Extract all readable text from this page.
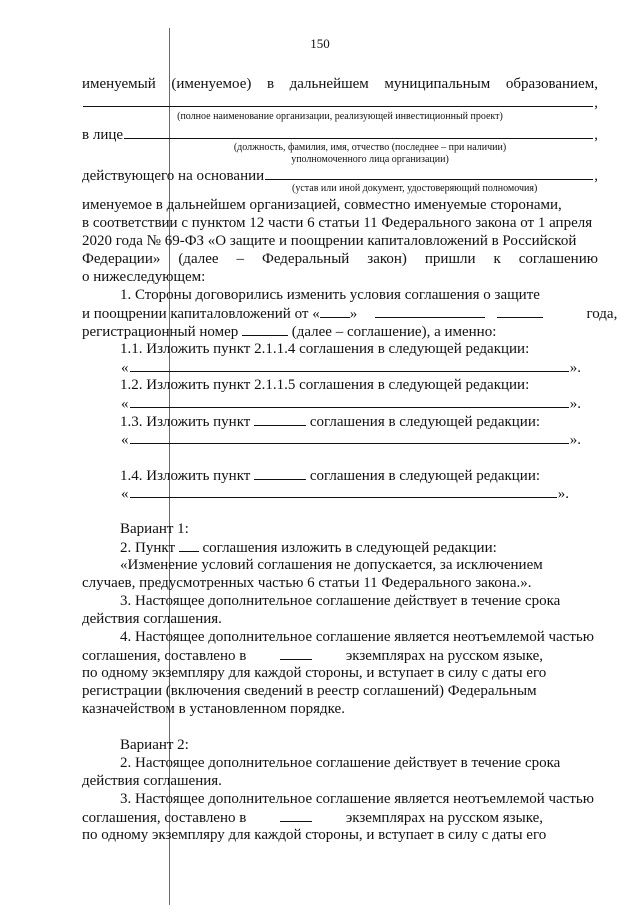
150
именуемый (именуемое) в дальнейшем муниципальным образованием,
,
(полное наименование организации, реализующей инвестиционный проект)
в лице	,
(должность, фамилия, имя, отчество (последнее – при наличии)
уполномоченного лица организации)
действующего на основании	,
(устав или иной документ, удостоверяющий полномочия)
именуемое в дальнейшем организацией, совместно именуемые сторонами,
в соответствии с пунктом 12 части 6 статьи 11 Федерального закона от 1 апреля
2020 года № 69-ФЗ «О защите и поощрении капиталовложений в Российской
Федерации» (далее – Федеральный закон) пришли к соглашению
о нижеследующем:
1. Стороны договорились изменить условия соглашения о защите
и поощрении капиталовложений от « »	года,
регистрационный номер	(далее – соглашение), а именно:
1.1. Изложить пункт 2.1.1.4 соглашения в следующей редакции:
«	».
1.2. Изложить пункт 2.1.1.5 соглашения в следующей редакции:
«	».
1.3. Изложить пункт	соглашения в следующей редакции:
«	».
1.4. Изложить пункт	соглашения в следующей редакции:
«	».
Вариант 1:
2. Пункт соглашения изложить в следующей редакции:
«Изменение условий соглашения не допускается, за исключением
случаев, предусмотренных частью 6 статьи 11 Федерального закона.».
3. Настоящее дополнительное соглашение действует в течение срока
действия соглашения.
4. Настоящее дополнительное соглашение является неотъемлемой частью
соглашения, составлено в	экземплярах на русском языке,
по одному экземпляру для каждой стороны, и вступает в силу с даты его
регистрации (включения сведений в реестр соглашений) Федеральным
казначейством в установленном порядке.
Вариант 2:
2. Настоящее дополнительное соглашение действует в течение срока
действия соглашения.
3. Настоящее дополнительное соглашение является неотъемлемой частью
соглашения, составлено в	экземплярах на русском языке,
по одному экземпляру для каждой стороны, и вступает в силу с даты его
